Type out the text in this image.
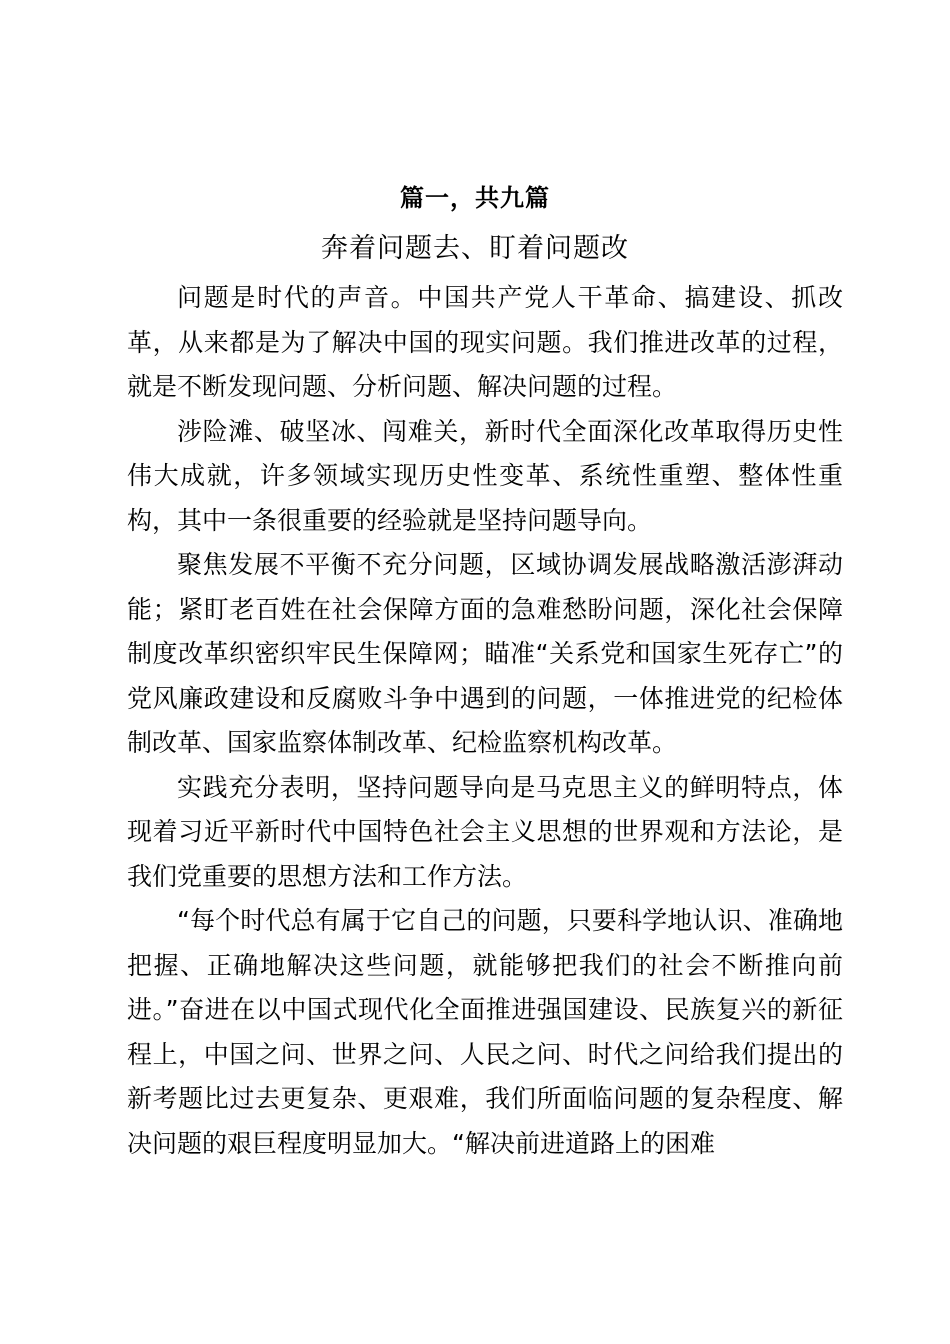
篇一，共九篇
奔着问题去、盯着问题改

问题是时代的声音。中国共产党人干革命、搞建设、抓改革，从来都是为了解决中国的现实问题。我们推进改革的过程，就是不断发现问题、分析问题、解决问题的过程。

涉险滩、破坚冰、闯难关，新时代全面深化改革取得历史性伟大成就，许多领域实现历史性变革、系统性重塑、整体性重构，其中一条很重要的经验就是坚持问题导向。

聚焦发展不平衡不充分问题，区域协调发展战略激活澎湃动能；紧盯老百姓在社会保障方面的急难愁盼问题，深化社会保障制度改革织密织牢民生保障网；瞄准“关系党和国家生死存亡”的党风廉政建设和反腐败斗争中遇到的问题，一体推进党的纪检体制改革、国家监察体制改革、纪检监察机构改革。

实践充分表明，坚持问题导向是马克思主义的鲜明特点，体现着习近平新时代中国特色社会主义思想的世界观和方法论，是我们党重要的思想方法和工作方法。

“每个时代总有属于它自己的问题，只要科学地认识、准确地把握、正确地解决这些问题，就能够把我们的社会不断推向前进。”奋进在以中国式现代化全面推进强国建设、民族复兴的新征程上，中国之问、世界之问、人民之问、时代之问给我们提出的新考题比过去更复杂、更艰难，我们所面临问题的复杂程度、解决问题的艰巨程度明显加大。“解决前进道路上的困难
